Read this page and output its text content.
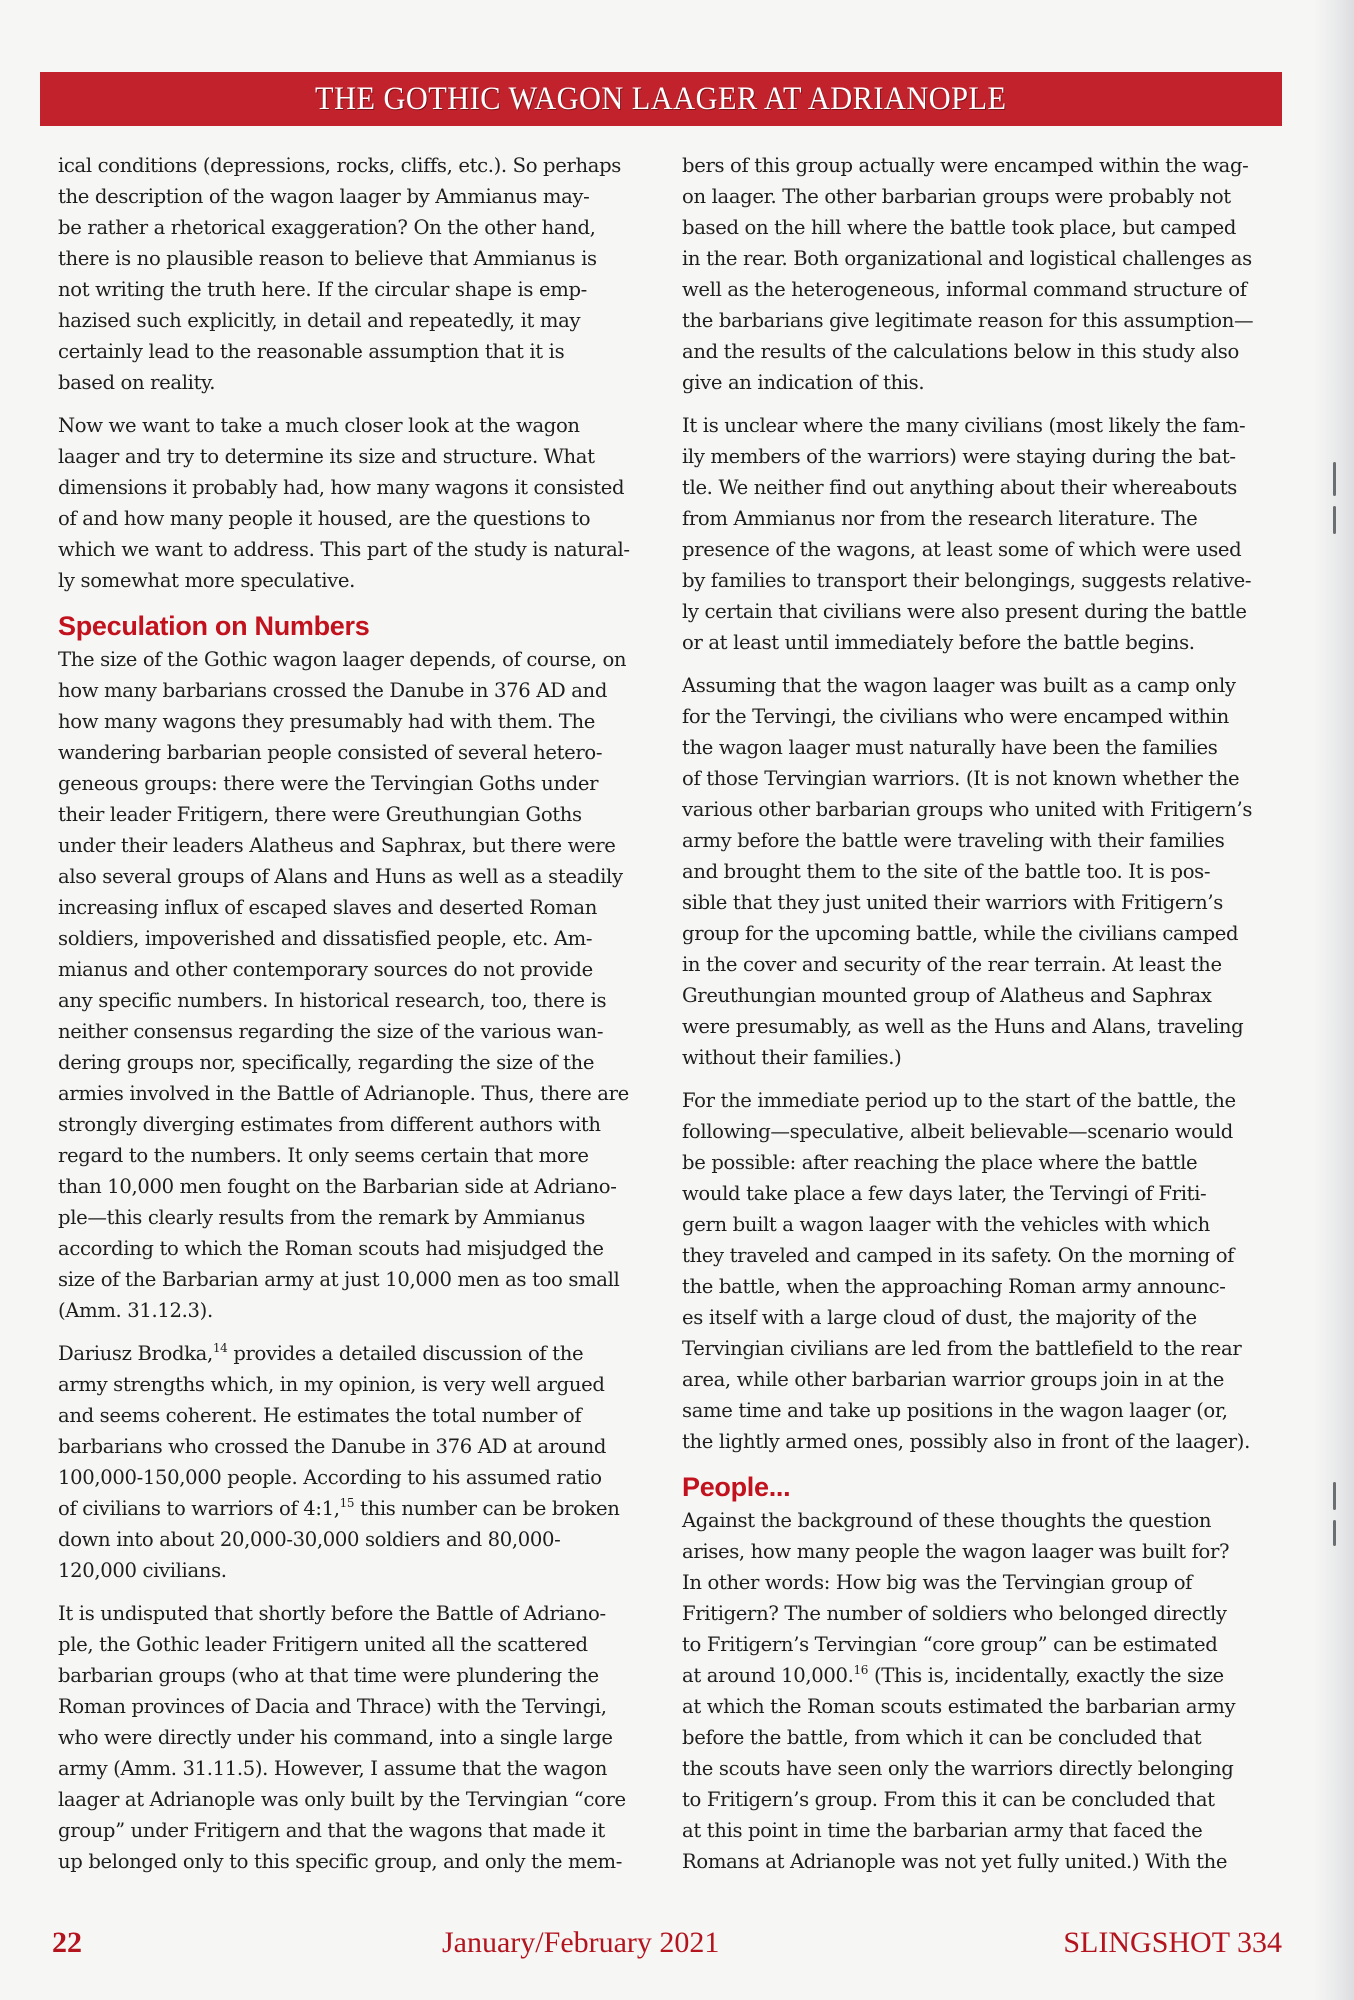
THE GOTHIC WAGON LAAGER AT ADRIANOPLE

ical conditions (depressions, rocks, cliffs, etc.). So perhaps
the description of the wagon laager by Ammianus may-
be rather a rhetorical exaggeration? On the other hand,
there is no plausible reason to believe that Ammianus is
not writing the truth here. If the circular shape is emp-
hazised such explicitly, in detail and repeatedly, it may
certainly lead to the reasonable assumption that it is
based on reality.

Now we want to take a much closer look at the wagon
laager and try to determine its size and structure. What
dimensions it probably had, how many wagons it consisted
of and how many people it housed, are the questions to
which we want to address. This part of the study is natural-
ly somewhat more speculative.

Speculation on Numbers

The size of the Gothic wagon laager depends, of course, on
how many barbarians crossed the Danube in 376 AD and
how many wagons they presumably had with them. The
wandering barbarian people consisted of several hetero-
geneous groups: there were the Tervingian Goths under
their leader Fritigern, there were Greuthungian Goths
under their leaders Alatheus and Saphrax, but there were
also several groups of Alans and Huns as well as a steadily
increasing influx of escaped slaves and deserted Roman
soldiers, impoverished and dissatisfied people, etc. Am-
mianus and other contemporary sources do not provide
any specific numbers. In historical research, too, there is
neither consensus regarding the size of the various wan-
dering groups nor, specifically, regarding the size of the
armies involved in the Battle of Adrianople. Thus, there are
strongly diverging estimates from different authors with
regard to the numbers. It only seems certain that more
than 10,000 men fought on the Barbarian side at Adriano-
ple—this clearly results from the remark by Ammianus
according to which the Roman scouts had misjudged the
size of the Barbarian army at just 10,000 men as too small
(Amm. 31.12.3).

Dariusz Brodka,$^{14}$ provides a detailed discussion of the
army strengths which, in my opinion, is very well argued
and seems coherent. He estimates the total number of
barbarians who crossed the Danube in 376 AD at around
100,000-150,000 people. According to his assumed ratio
of civilians to warriors of 4:1,15 this number can be broken
down into about 20,000-30,000 soldiers and 80,000-
120,000 civilians.

It is undisputed that shortly before the Battle of Adriano-
ple, the Gothic leader Fritigern united all the scattered
barbarian groups (who at that time were plundering the
Roman provinces of Dacia and Thrace) with the Tervingi,
who were directly under his command, into a single large
army (Amm. 31.11.5). However, I assume that the wagon
laager at Adrianople was only built by the Tervingian “core
group” under Fritigern and that the wagons that made it
up belonged only to this specific group, and only the mem-

bers of this group actually were encamped within the wag-
on laager. The other barbarian groups were probably not
based on the hill where the battle took place, but camped
in the rear. Both organizational and logistical challenges as
well as the heterogeneous, informal command structure of
the barbarians give legitimate reason for this assumption—
and the results of the calculations below in this study also
give an indication of this.

It is unclear where the many civilians (most likely the fam-
ily members of the warriors) were staying during the bat-
tle. We neither find out anything about their whereabouts
from Ammianus nor from the research literature. The
presence of the wagons, at least some of which were used
by families to transport their belongings, suggests relative-
ly certain that civilians were also present during the battle
or at least until immediately before the battle begins.

Assuming that the wagon laager was built as a camp only
for the Tervingi, the civilians who were encamped within
the wagon laager must naturally have been the families
of those Tervingian warriors. (It is not known whether the
various other barbarian groups who united with Fritigern’s
army before the battle were traveling with their families
and brought them to the site of the battle too. It is pos-
sible that they just united their warriors with Fritigern’s
group for the upcoming battle, while the civilians camped
in the cover and security of the rear terrain. At least the
Greuthungian mounted group of Alatheus and Saphrax
were presumably, as well as the Huns and Alans, traveling
without their families.)

For the immediate period up to the start of the battle, the
following—speculative, albeit believable—scenario would
be possible: after reaching the place where the battle
would take place a few days later, the Tervingi of Friti-
gern built a wagon laager with the vehicles with which
they traveled and camped in its safety. On the morning of
the battle, when the approaching Roman army announc-
es itself with a large cloud of dust, the majority of the
Tervingian civilians are led from the battlefield to the rear
area, while other barbarian warrior groups join in at the
same time and take up positions in the wagon laager (or,
the lightly armed ones, possibly also in front of the laager).

People...

Against the background of these thoughts the question
arises, how many people the wagon laager was built for?
In other words: How big was the Tervingian group of
Fritigern? The number of soldiers who belonged directly
to Fritigern’s Tervingian “core group” can be estimated
at around 10,000.16 (This is, incidentally, exactly the size
at which the Roman scouts estimated the barbarian army
before the battle, from which it can be concluded that
the scouts have seen only the warriors directly belonging
to Fritigern’s group. From this it can be concluded that
at this point in time the barbarian army that faced the
Romans at Adrianople was not yet fully united.) With the

22	January/February 2021	SLINGSHOT 334
